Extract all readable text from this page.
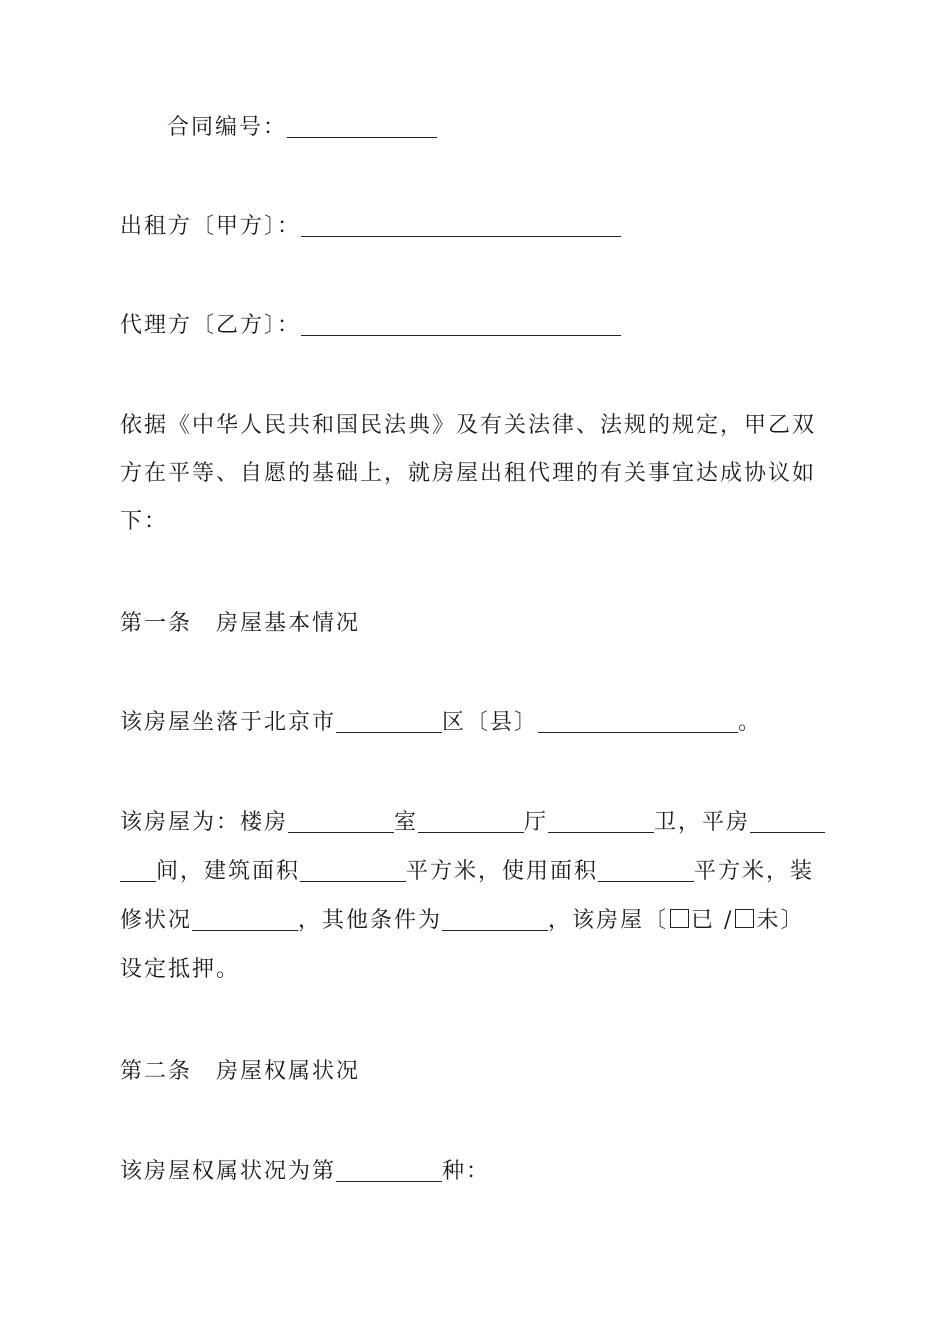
合同编号：
出租方〔甲方〕：
代理方〔乙方〕：
依据《中华人民共和国民法典》及有关法律、法规的规定，甲乙双
方在平等、自愿的基础上，就房屋出租代理的有关事宜达成协议如
下：
第一条　房屋基本情况
该房屋坐落于北京市	区〔县〕	。
该房屋为：楼房	室	厅	卫，平房
间，建筑面积	平方米，使用面积	平方米，装
修状况	，其他条件为	，该房屋〔 已 / 未〕
设定抵押。
第二条　房屋权属状况
该房屋权属状况为第	种：
